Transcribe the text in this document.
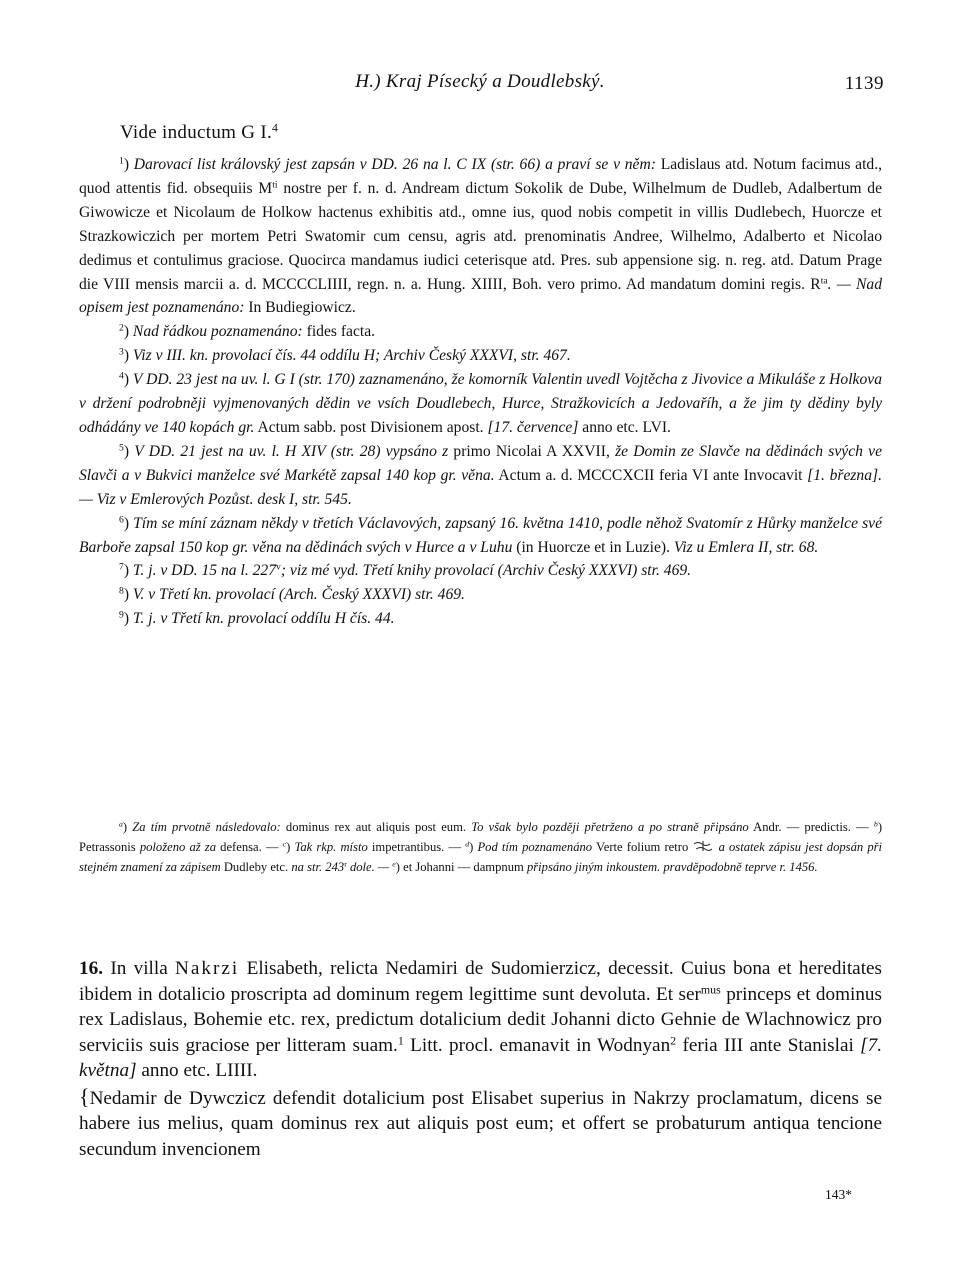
H.) Kraj Písecký a Doudlebský.	1139
Vide inductum G I.$^4$

$^1$) Darovací list královský jest zapsán v DD. 26 na l. C IX (str. 66) a praví se v něm: Ladislaus atd. Notum facimus atd., quod attentis fid. obsequiis $M^{ti}$ nostre per f. n. d. Andream dictum Sokolik de Dube, Wilhelmum de Dudleb, Adalbertum de Giwowicze et Nicolaum de Holkow hactenus exhibitis atd., omne ius, quod nobis competit in villis Dudlebech, Huorcze et Strazkowiczich per mortem Petri Swatomir cum censu, agris atd. prenominatis Andree, Wilhelmo, Adalberto et Nicolao dedimus et contulimus graciose. Quocirca mandamus iudici ceterisque atd. Pres. sub appensione sig. n. reg. atd. Datum Prage die VIII mensis marcii a. d. MCCCCLIIII, regn. n. a. Hung. XIIII, Boh. vero primo. Ad mandatum domini regis. $R^{ta}$. — Nad opisem jest poznamenáno: In Budiegiowicz.

$^2$) Nad řádkou poznamenáno: fides facta.

$^3$) Viz v III. kn. provolací čís. 44 oddílu H; Archiv Český XXXVI, str. 467.

$^4$) V DD. 23 jest na uv. l. G I (str. 170) zaznamenáno, že komorník Valentin uvedl Vojtěcha z Jivovice a Mikuláše z Holkova v držení podrobněji vyjmenovaných dědin ve vsích Doudlebech, Hurce, Stražkovicích a Jedovaříh, a že jim ty dědiny byly odhádány ve 140 kopách gr. Actum sabb. post Divisionem apost. [17. července] anno etc. LVI.

$^5$) V DD. 21 jest na uv. l. H XIV (str. 28) vypsáno z primo Nicolai A XXVII, že Domin ze Slavče na dědinách svých ve Slavči a v Bukvici manželce své Markétě zapsal 140 kop gr. věna. Actum a. d. MCCCXCII feria VI ante Invocavit [1. března]. — Viz v Emlerových Pozůst. desk I, str. 545.

$^6$) Tím se míní záznam někdy v třetích Václavových, zapsaný 16. května 1410, podle něhož Svatomír z Hůrky manželce své Barboře zapsal 150 kop gr. věna na dědinách svých v Hurce a v Luhu (in Huorcze et in Luzie). Viz u Emlera II, str. 68.

$^7$) T. j. v DD. 15 na l. 227$^v$; viz mé vyd. Třetí knihy provolací (Archiv Český XXXVI) str. 469.

$^8$) V. v Třetí kn. provolací (Arch. Český XXXVI) str. 469.

$^9$) T. j. v Třetí kn. provolací oddílu H čís. 44.

$^a$) Za tím prvotně následovalo: dominus rex aut aliquis post eum. To však bylo později přetrženo a po straně připsáno Andr. — predictis. — $^b$) Petrassonis položeno až za defensa. — $^c$) Tak rkp. místo impetrantibus. — $^d$) Pod tím poznamenáno Verte folium retro a ostatek zápisu jest dopsán při stejném znamení za zápisem Dudleby etc. na str. 243$^r$ dole. — $^e$) et Johanni — dampnum připsáno jiným inkoustem. pravděpodobně teprve r. 1456.

16. In villa Nakrzi Elisabeth, relicta Nedamiri de Sudomierzicz, decessit. Cuius bona et hereditates ibidem in dotalicio proscripta ad dominum regem legittime sunt devoluta. Et ser$^{mus}$ princeps et dominus rex Ladislaus, Bohemie etc. rex, predictum dotalicium dedit Johanni dicto Gehnie de Wlachnowicz pro serviciis suis graciose per litteram suam.$^1$ Litt. procl. emanavit in Wodnyan$^2$ feria III ante Stanislai [7. května] anno etc. LIIII.
{Nedamir de Dywczicz defendit dotalicium post Elisabet superius in Nakrzy proclamatum, dicens se habere ius melius, quam dominus rex aut aliquis post eum; et offert se probaturum antiqua tencione secundum invencionem

143*
